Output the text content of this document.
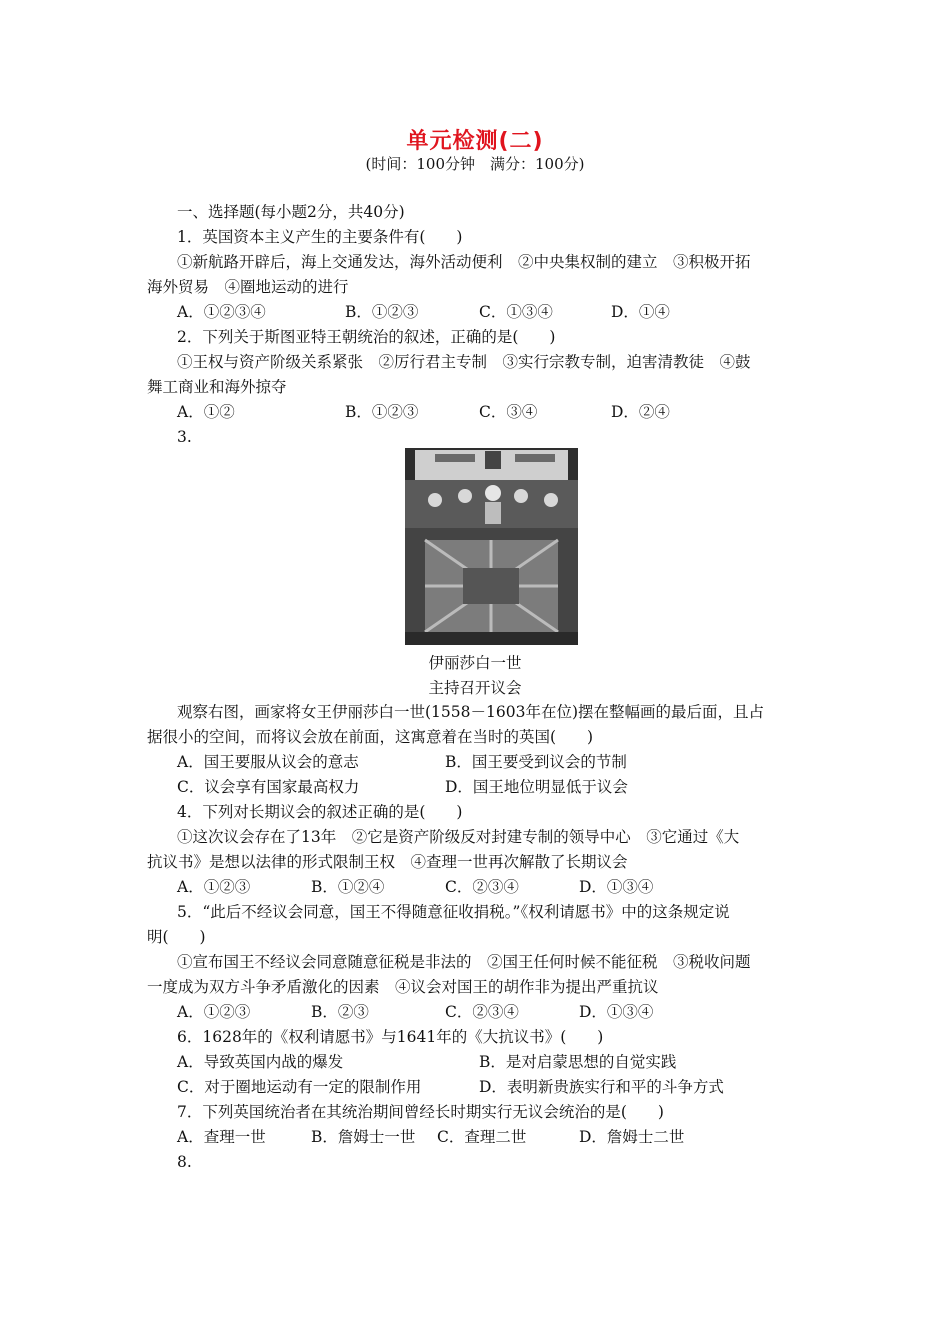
单元检测(二)
(时间：100分钟　满分：100分)
一、选择题(每小题2分，共40分)
1．英国资本主义产生的主要条件有(　　)
①新航路开辟后，海上交通发达，海外活动便利　②中央集权制的建立　③积极开拓
海外贸易　④圈地运动的进行
A．①②③④	B．①②③	C．①③④	D．①④
2．下列关于斯图亚特王朝统治的叙述，正确的是(　　)
①王权与资产阶级关系紧张　②厉行君主专制　③实行宗教专制，迫害清教徒　④鼓
舞工商业和海外掠夺
A．①②	B．①②③	C．③④	D．②④
3.
伊丽莎白一世
主持召开议会
观察右图，画家将女王伊丽莎白一世(1558－1603年在位)摆在整幅画的最后面，且占
据很小的空间，而将议会放在前面，这寓意着在当时的英国(　　)
A．国王要服从议会的意志	B．国王要受到议会的节制
C．议会享有国家最高权力	D．国王地位明显低于议会
4．下列对长期议会的叙述正确的是(　　)
①这次议会存在了13年　②它是资产阶级反对封建专制的领导中心　③它通过《大
抗议书》是想以法律的形式限制王权　④查理一世再次解散了长期议会
A．①②③	B．①②④	C．②③④	D．①③④
5．“此后不经议会同意，国王不得随意征收捐税。”《权利请愿书》中的这条规定说
明(　　)
①宣布国王不经议会同意随意征税是非法的　②国王任何时候不能征税　③税收问题
一度成为双方斗争矛盾激化的因素　④议会对国王的胡作非为提出严重抗议
A．①②③	B．②③	C．②③④	D．①③④
6．1628年的《权利请愿书》与1641年的《大抗议书》(　　)
A．导致英国内战的爆发	B．是对启蒙思想的自觉实践
C．对于圈地运动有一定的限制作用	D．表明新贵族实行和平的斗争方式
7．下列英国统治者在其统治期间曾经长时期实行无议会统治的是(　　)
A．查理一世	B．詹姆士一世 C．查理二世	D．詹姆士二世
8.
